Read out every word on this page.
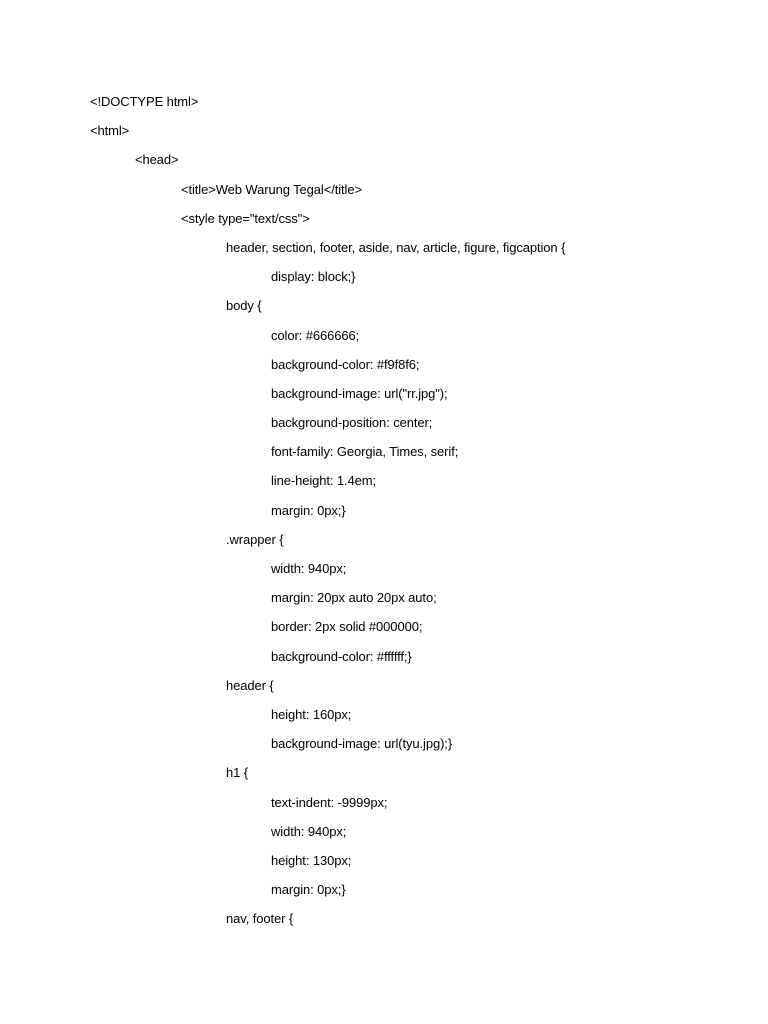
<!DOCTYPE html>
<html>
<head>
<title>Web Warung Tegal</title>
<style type="text/css">
header, section, footer, aside, nav, article, figure, figcaption {
display: block;}
body {
color: #666666;
background-color: #f9f8f6;
background-image: url("rr.jpg");
background-position: center;
font-family: Georgia, Times, serif;
line-height: 1.4em;
margin: 0px;}
.wrapper {
width: 940px;
margin: 20px auto 20px auto;
border: 2px solid #000000;
background-color: #ffffff;}
header {
height: 160px;
background-image: url(tyu.jpg);}
h1 {
text-indent: -9999px;
width: 940px;
height: 130px;
margin: 0px;}
nav, footer {
